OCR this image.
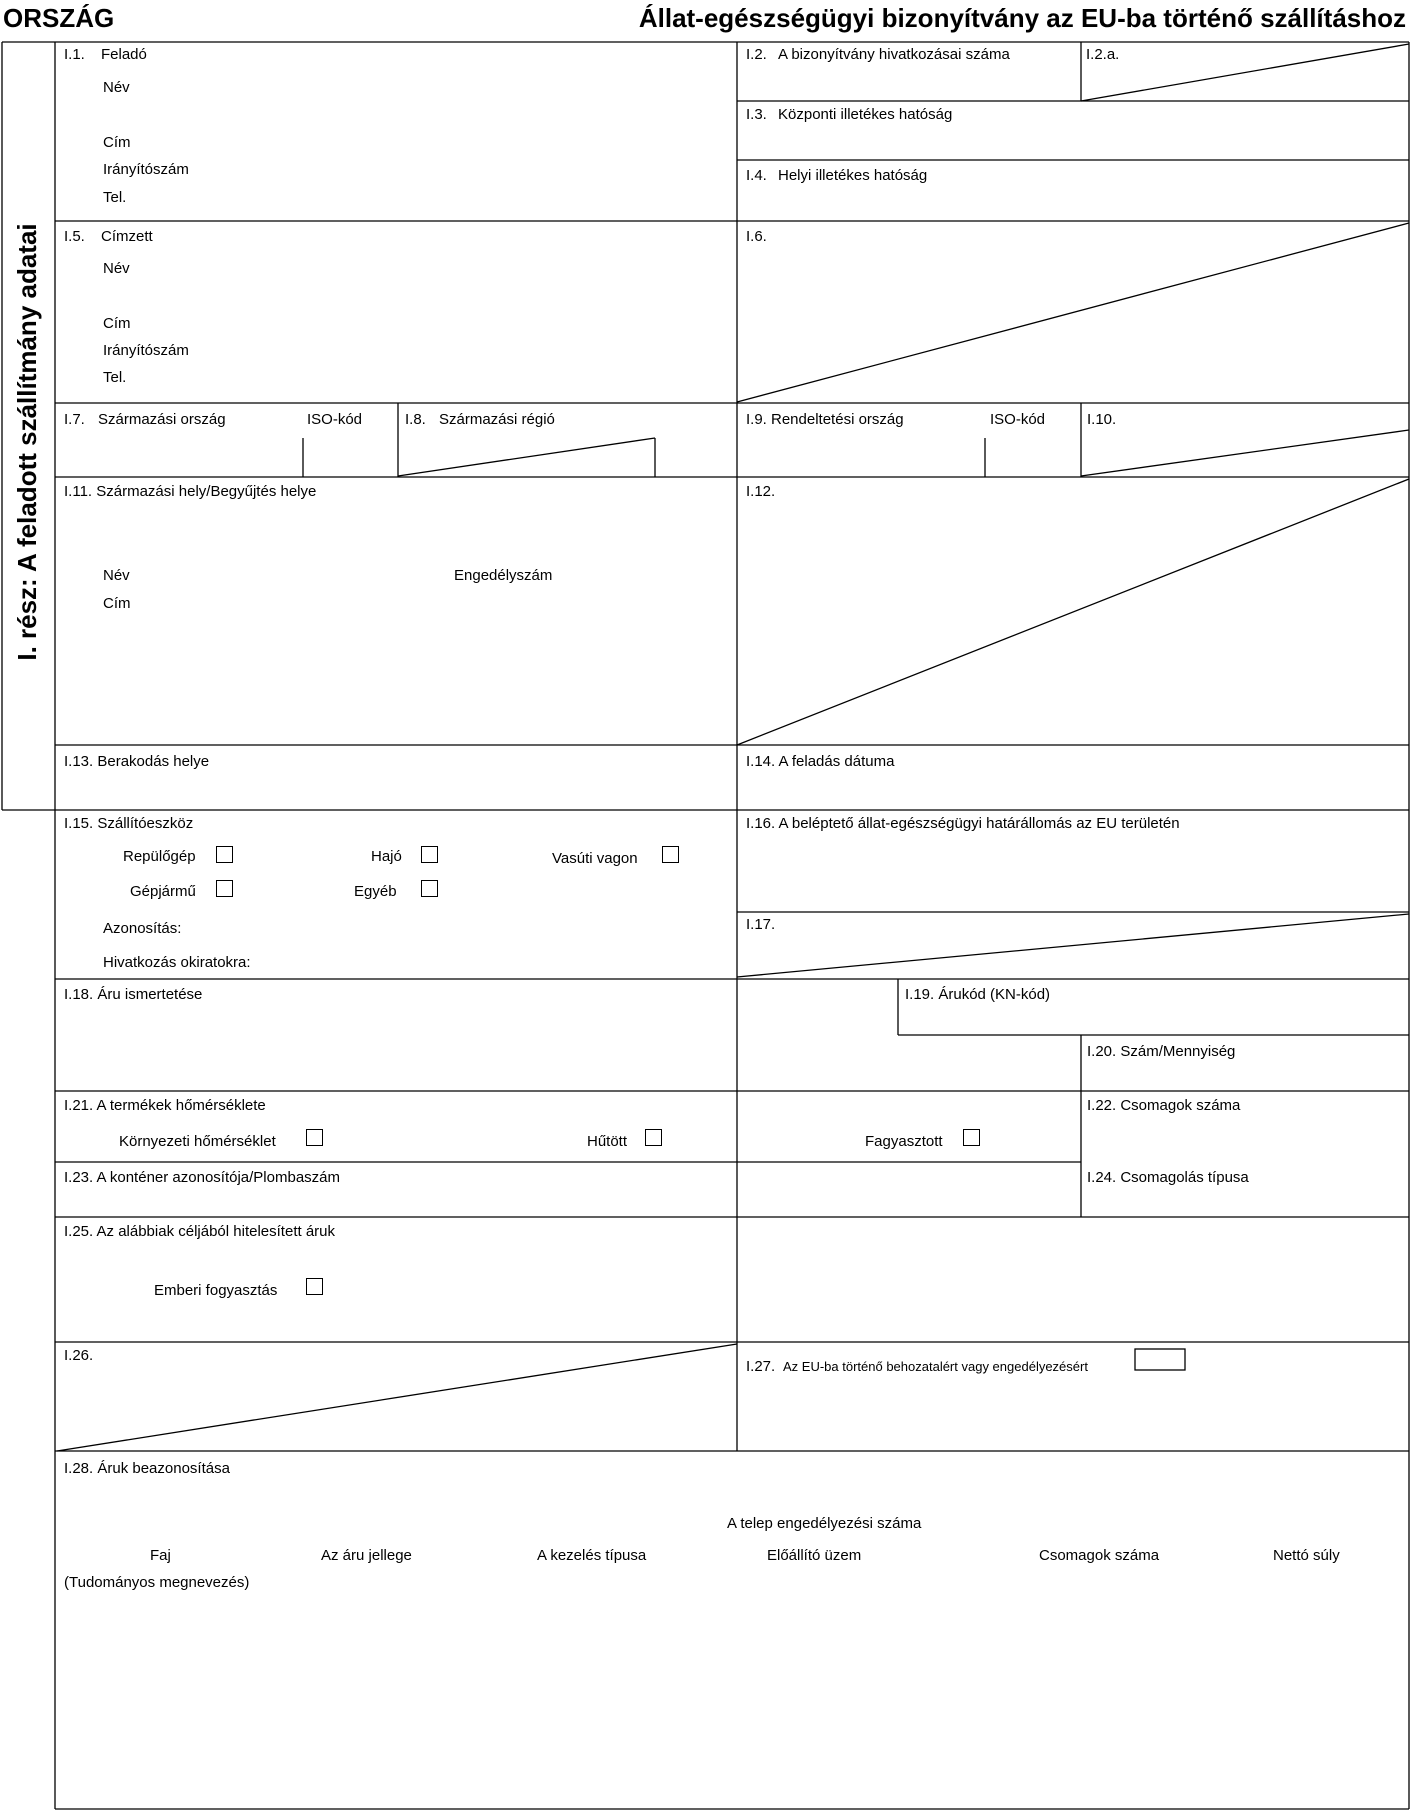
ORSZÁG	Állat-egészségügyi bizonyítvány az EU-ba történő szállításhoz
I. rész: A feladott szállítmány adatai
I.1. Feladó
Név
Cím
Irányítószám
Tel.
I.2. A bizonyítvány hivatkozásai száma	I.2.a.
I.3. Központi illetékes hatóság
I.4. Helyi illetékes hatóság
I.5. Címzett
Név
Cím
Irányítószám
Tel.
I.6.
I.7. Származási ország	ISO-kód	I.8. Származási régió	I.9. Rendeltetési ország	ISO-kód	I.10.
I.11. Származási hely/Begyűjtés helye
Név	Engedélyszám
Cím
I.12.
I.13. Berakodás helye	I.14. A feladás dátuma
I.15. Szállítóeszköz
Repülőgép	Hajó	Vasúti vagon
Gépjármű	Egyéb
Azonosítás:
Hivatkozás okiratokra:
I.16. A beléptető állat-egészségügyi határállomás az EU területén
I.17.
I.18. Áru ismertetése	I.19. Árukód (KN-kód)
I.20. Szám/Mennyiség
I.21. A termékek hőmérséklete
Környezeti hőmérséklet	Hűtött	Fagyasztott
I.22. Csomagok száma
I.23. A konténer azonosítója/Plombaszám	I.24. Csomagolás típusa
I.25. Az alábbiak céljából hitelesített áruk
Emberi fogyasztás
I.26.
I.27. Az EU-ba történő behozatalért vagy engedélyezésért
I.28. Áruk beazonosítása
A telep engedélyezési száma
Faj	Az áru jellege	A kezelés típusa	Előállító üzem	Csomagok száma	Nettó súly
(Tudományos megnevezés)
